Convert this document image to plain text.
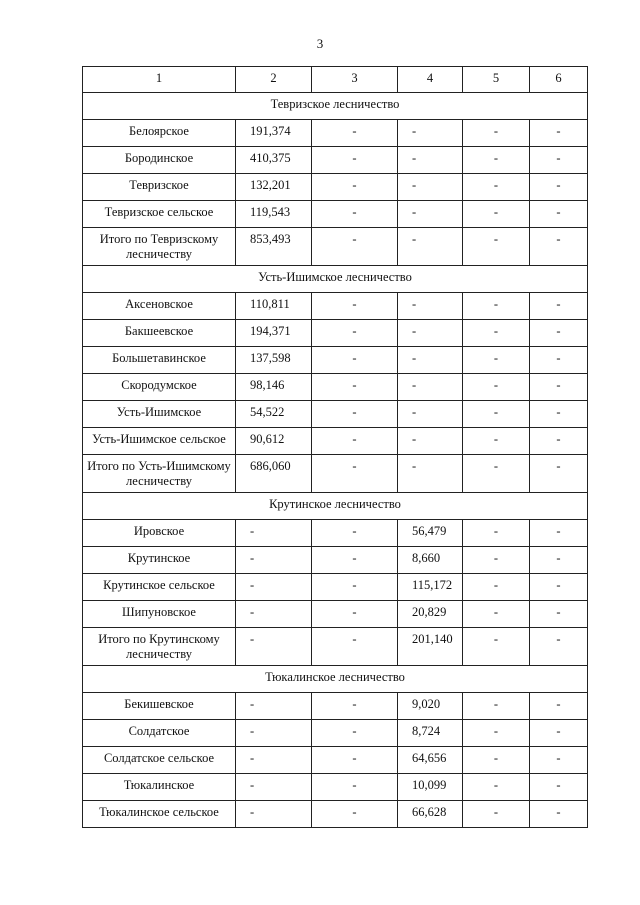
3
1	2	3	4	5	6
Тевризское лесничество					
Белоярское	191,374	-	-	-	-
Бородинское	410,375	-	-	-	-
Тевризское	132,201	-	-	-	-
Тевризское сельское	119,543	-	-	-	-
Итого по Тевризскому лесничеству	853,493	-	-	-	-
Усть-Ишимское лесничество					
Аксеновское	110,811	-	-	-	-
Бакшеевское	194,371	-	-	-	-
Большетавинское	137,598	-	-	-	-
Скородумское	98,146	-	-	-	-
Усть-Ишимское	54,522	-	-	-	-
Усть-Ишимское сельское	90,612	-	-	-	-
Итого по Усть-Ишимскому лесничеству	686,060	-	-	-	-
Крутинское лесничество					
Ировское	-	-	56,479	-	-
Крутинское	-	-	8,660	-	-
Крутинское сельское	-	-	115,172	-	-
Шипуновское	-	-	20,829	-	-
Итого по Крутинскому лесничеству	-	-	201,140	-	-
Тюкалинское лесничество					
Бекишевское	-	-	9,020	-	-
Солдатское	-	-	8,724	-	-
Солдатское сельское	-	-	64,656	-	-
Тюкалинское	-	-	10,099	-	-
Тюкалинское сельское	-	-	66,628	-	-
